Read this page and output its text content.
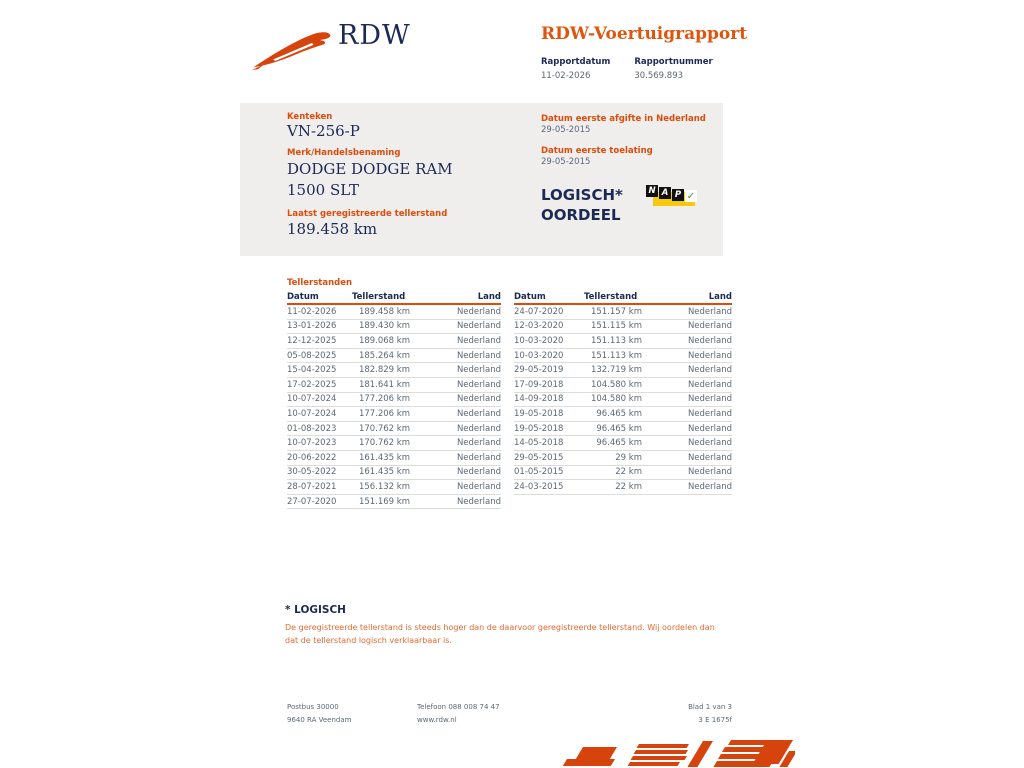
RDW	RDW-Voertuigrapport
Rapportdatum
11-02-2026
Rapportnummer
30.569.893
Kenteken
VN-256-P
Merk/Handelsbenaming
DODGE DODGE RAM
1500 SLT
Laatst geregistreerde tellerstand
189.458 km
Datum eerste afgifte in Nederland
29-05-2015
Datum eerste toelating
29-05-2015
LOGISCH*
OORDEEL
N A P ✓
Tellerstanden
Datum	Tellerstand	Land
11-02-2026	189.458 km	Nederland
13-01-2026	189.430 km	Nederland
12-12-2025	189.068 km	Nederland
05-08-2025	185.264 km	Nederland
15-04-2025	182.829 km	Nederland
17-02-2025	181.641 km	Nederland
10-07-2024	177.206 km	Nederland
10-07-2024	177.206 km	Nederland
01-08-2023	170.762 km	Nederland
10-07-2023	170.762 km	Nederland
20-06-2022	161.435 km	Nederland
30-05-2022	161.435 km	Nederland
28-07-2021	156.132 km	Nederland
27-07-2020	151.169 km	Nederland
Datum	Tellerstand	Land
24-07-2020	151.157 km	Nederland
12-03-2020	151.115 km	Nederland
10-03-2020	151.113 km	Nederland
10-03-2020	151.113 km	Nederland
29-05-2019	132.719 km	Nederland
17-09-2018	104.580 km	Nederland
14-09-2018	104.580 km	Nederland
19-05-2018	96.465 km	Nederland
19-05-2018	96.465 km	Nederland
14-05-2018	96.465 km	Nederland
29-05-2015	29 km	Nederland
01-05-2015	22 km	Nederland
24-03-2015	22 km	Nederland
* LOGISCH
De geregistreerde tellerstand is steeds hoger dan de daarvoor geregistreerde tellerstand. Wij oordelen dan dat de tellerstand logisch verklaarbaar is.
Postbus 30000
9640 RA Veendam
Telefoon 088 008 74 47
www.rdw.nl
Blad 1 van 3
3 E 1675f
